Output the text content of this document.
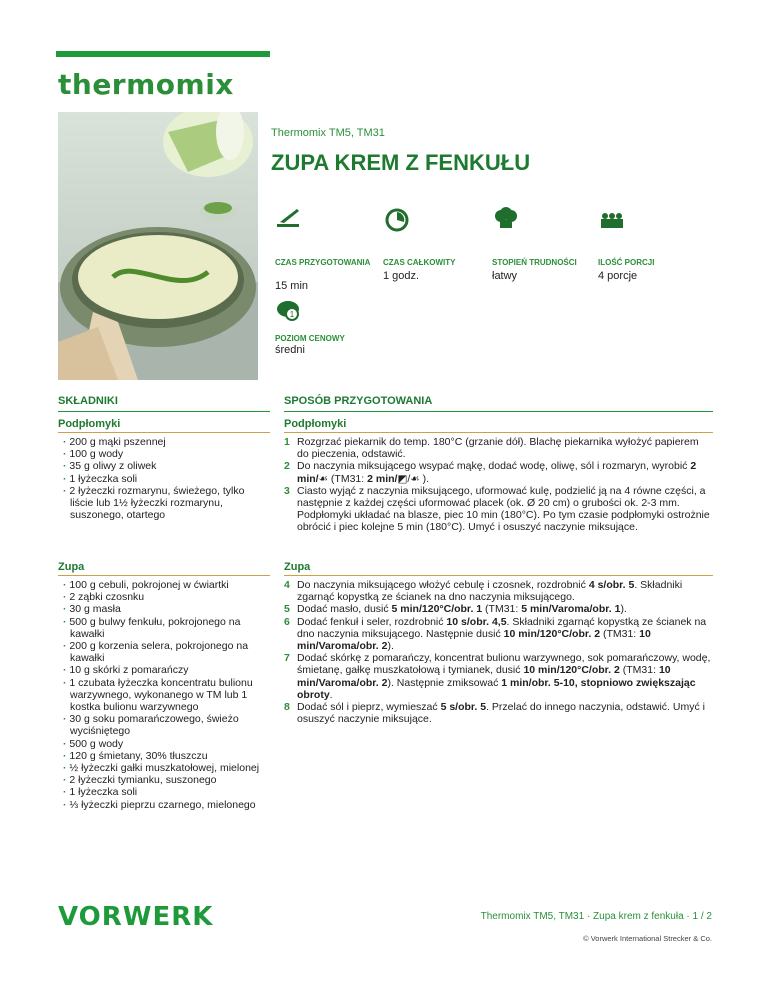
thermomix
Thermomix TM5, TM31
ZUPA KREM Z FENKUŁU
CZAS PRZYGOTOWANIA
15 min
CZAS CAŁKOWITY
1 godz.
STOPIEŃ TRUDNOŚCI
łatwy
ILOŚĆ PORCJI
4 porcje
1
POZIOM CENOWY
średni
SKŁADNIKI	SPOSÓB PRZYGOTOWANIA
Podpłomyki	Podpłomyki
· 200 g mąki pszennej
· 100 g wody
· 35 g oliwy z oliwek
· 1 łyżeczka soli
· 2 łyżeczki rozmarynu, świeżego, tylko liście lub 1½ łyżeczki rozmarynu, suszonego, otartego
1 Rozgrzać piekarnik do temp. 180°C (grzanie dół). Blachę piekarnika wyłożyć papierem do pieczenia, odstawić.
2 Do naczynia miksującego wsypać mąkę, dodać wodę, oliwę, sól i rozmaryn, wyrobić 2 min/☙ (TM31: 2 min/◩/☙ ).
3 Ciasto wyjąć z naczynia miksującego, uformować kulę, podzielić ją na 4 równe części, a następnie z każdej części uformować placek (ok. Ø 20 cm) o grubości ok. 2-3 mm. Podpłomyki układać na blasze, piec 10 min (180°C). Po tym czasie podpłomyki ostrożnie obrócić i piec kolejne 5 min (180°C). Umyć i osuszyć naczynie miksujące.
Zupa	Zupa
· 100 g cebuli, pokrojonej w ćwiartki
· 2 ząbki czosnku
· 30 g masła
· 500 g bulwy fenkułu, pokrojonego na kawałki
· 200 g korzenia selera, pokrojonego na kawałki
· 10 g skórki z pomarańczy
· 1 czubata łyżeczka koncentratu bulionu warzywnego, wykonanego w TM lub 1 kostka bulionu warzywnego
· 30 g soku pomarańczowego, świeżo wyciśniętego
· 500 g wody
· 120 g śmietany, 30% tłuszczu
· ½ łyżeczki gałki muszkatołowej, mielonej
· 2 łyżeczki tymianku, suszonego
· 1 łyżeczka soli
· ⅓ łyżeczki pieprzu czarnego, mielonego
4 Do naczynia miksującego włożyć cebulę i czosnek, rozdrobnić 4 s/obr. 5. Składniki zgarnąć kopystką ze ścianek na dno naczynia miksującego.
5 Dodać masło, dusić 5 min/120°C/obr. 1 (TM31: 5 min/Varoma/obr. 1).
6 Dodać fenkuł i seler, rozdrobnić 10 s/obr. 4,5. Składniki zgarnąć kopystką ze ścianek na dno naczynia miksującego. Następnie dusić 10 min/120°C/obr. 2 (TM31: 10 min/Varoma/obr. 2).
7 Dodać skórkę z pomarańczy, koncentrat bulionu warzywnego, sok pomarańczowy, wodę, śmietanę, gałkę muszkatołową i tymianek, dusić 10 min/120°C/obr. 2 (TM31: 10 min/Varoma/obr. 2). Następnie zmiksować 1 min/obr. 5-10, stopniowo zwiększając obroty.
8 Dodać sól i pieprz, wymieszać 5 s/obr. 5. Przelać do innego naczynia, odstawić. Umyć i osuszyć naczynie miksujące.
VORWERK	Thermomix TM5, TM31 · Zupa krem z fenkuła · 1 / 2
© Vorwerk International Strecker & Co.
